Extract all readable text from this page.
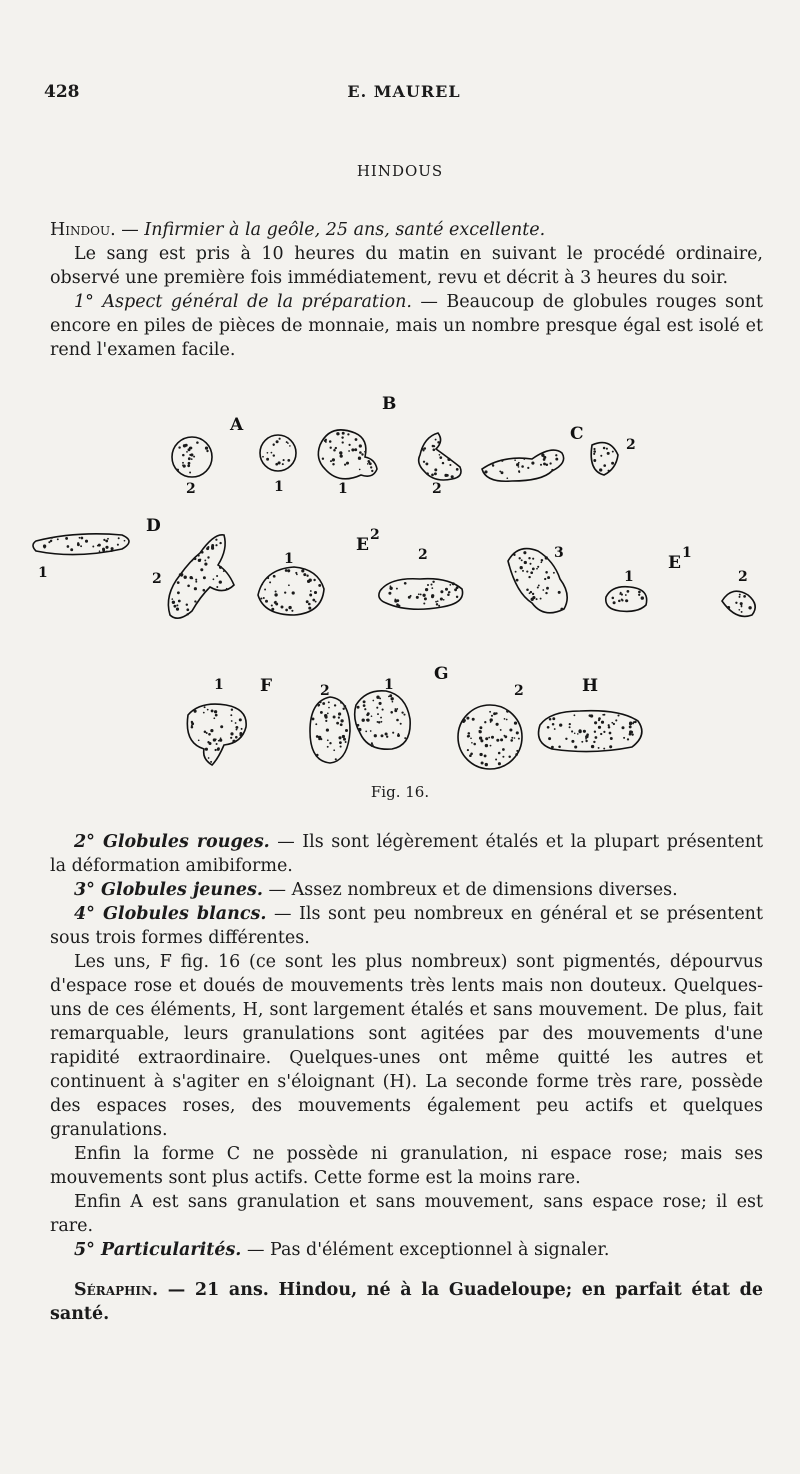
428	E. MAUREL
HINDOUS

Hindou. — Infirmier à la geôle, 25 ans, santé excellente.

Le sang est pris à 10 heures du matin en suivant le procédé ordinaire, observé une première fois immédiatement, revu et décrit à 3 heures du soir.

1° Aspect général de la préparation. — Beaucoup de globules rouges sont encore en piles de pièces de monnaie, mais un nombre presque égal est isolé et rend l'examen facile.

A
B
C
2	1	1	2
2
D
E 2
E 1
1	2
1	2	3
1	2
F
G
H
1	2	1	2
Fig. 16.

2° Globules rouges. — Ils sont légèrement étalés et la plupart présentent la déformation amibiforme.

3° Globules jeunes. — Assez nombreux et de dimensions diverses.

4° Globules blancs. — Ils sont peu nombreux en général et se présentent sous trois formes différentes.

Les uns, F fig. 16 (ce sont les plus nombreux) sont pigmentés, dépourvus d'espace rose et doués de mouvements très lents mais non douteux. Quelques-uns de ces éléments, H, sont largement étalés et sans mouvement. De plus, fait remarquable, leurs granulations sont agitées par des mouvements d'une rapidité extraordinaire. Quelques-unes ont même quitté les autres et continuent à s'agiter en s'éloignant (H). La seconde forme très rare, possède des espaces roses, des mouvements également peu actifs et quelques granulations.

Enfin la forme C ne possède ni granulation, ni espace rose; mais ses mouvements sont plus actifs. Cette forme est la moins rare.

Enfin A est sans granulation et sans mouvement, sans espace rose; il est rare.

5° Particularités. — Pas d'élément exceptionnel à signaler.

Séraphin. — 21 ans. Hindou, né à la Guadeloupe; en parfait état de santé.
